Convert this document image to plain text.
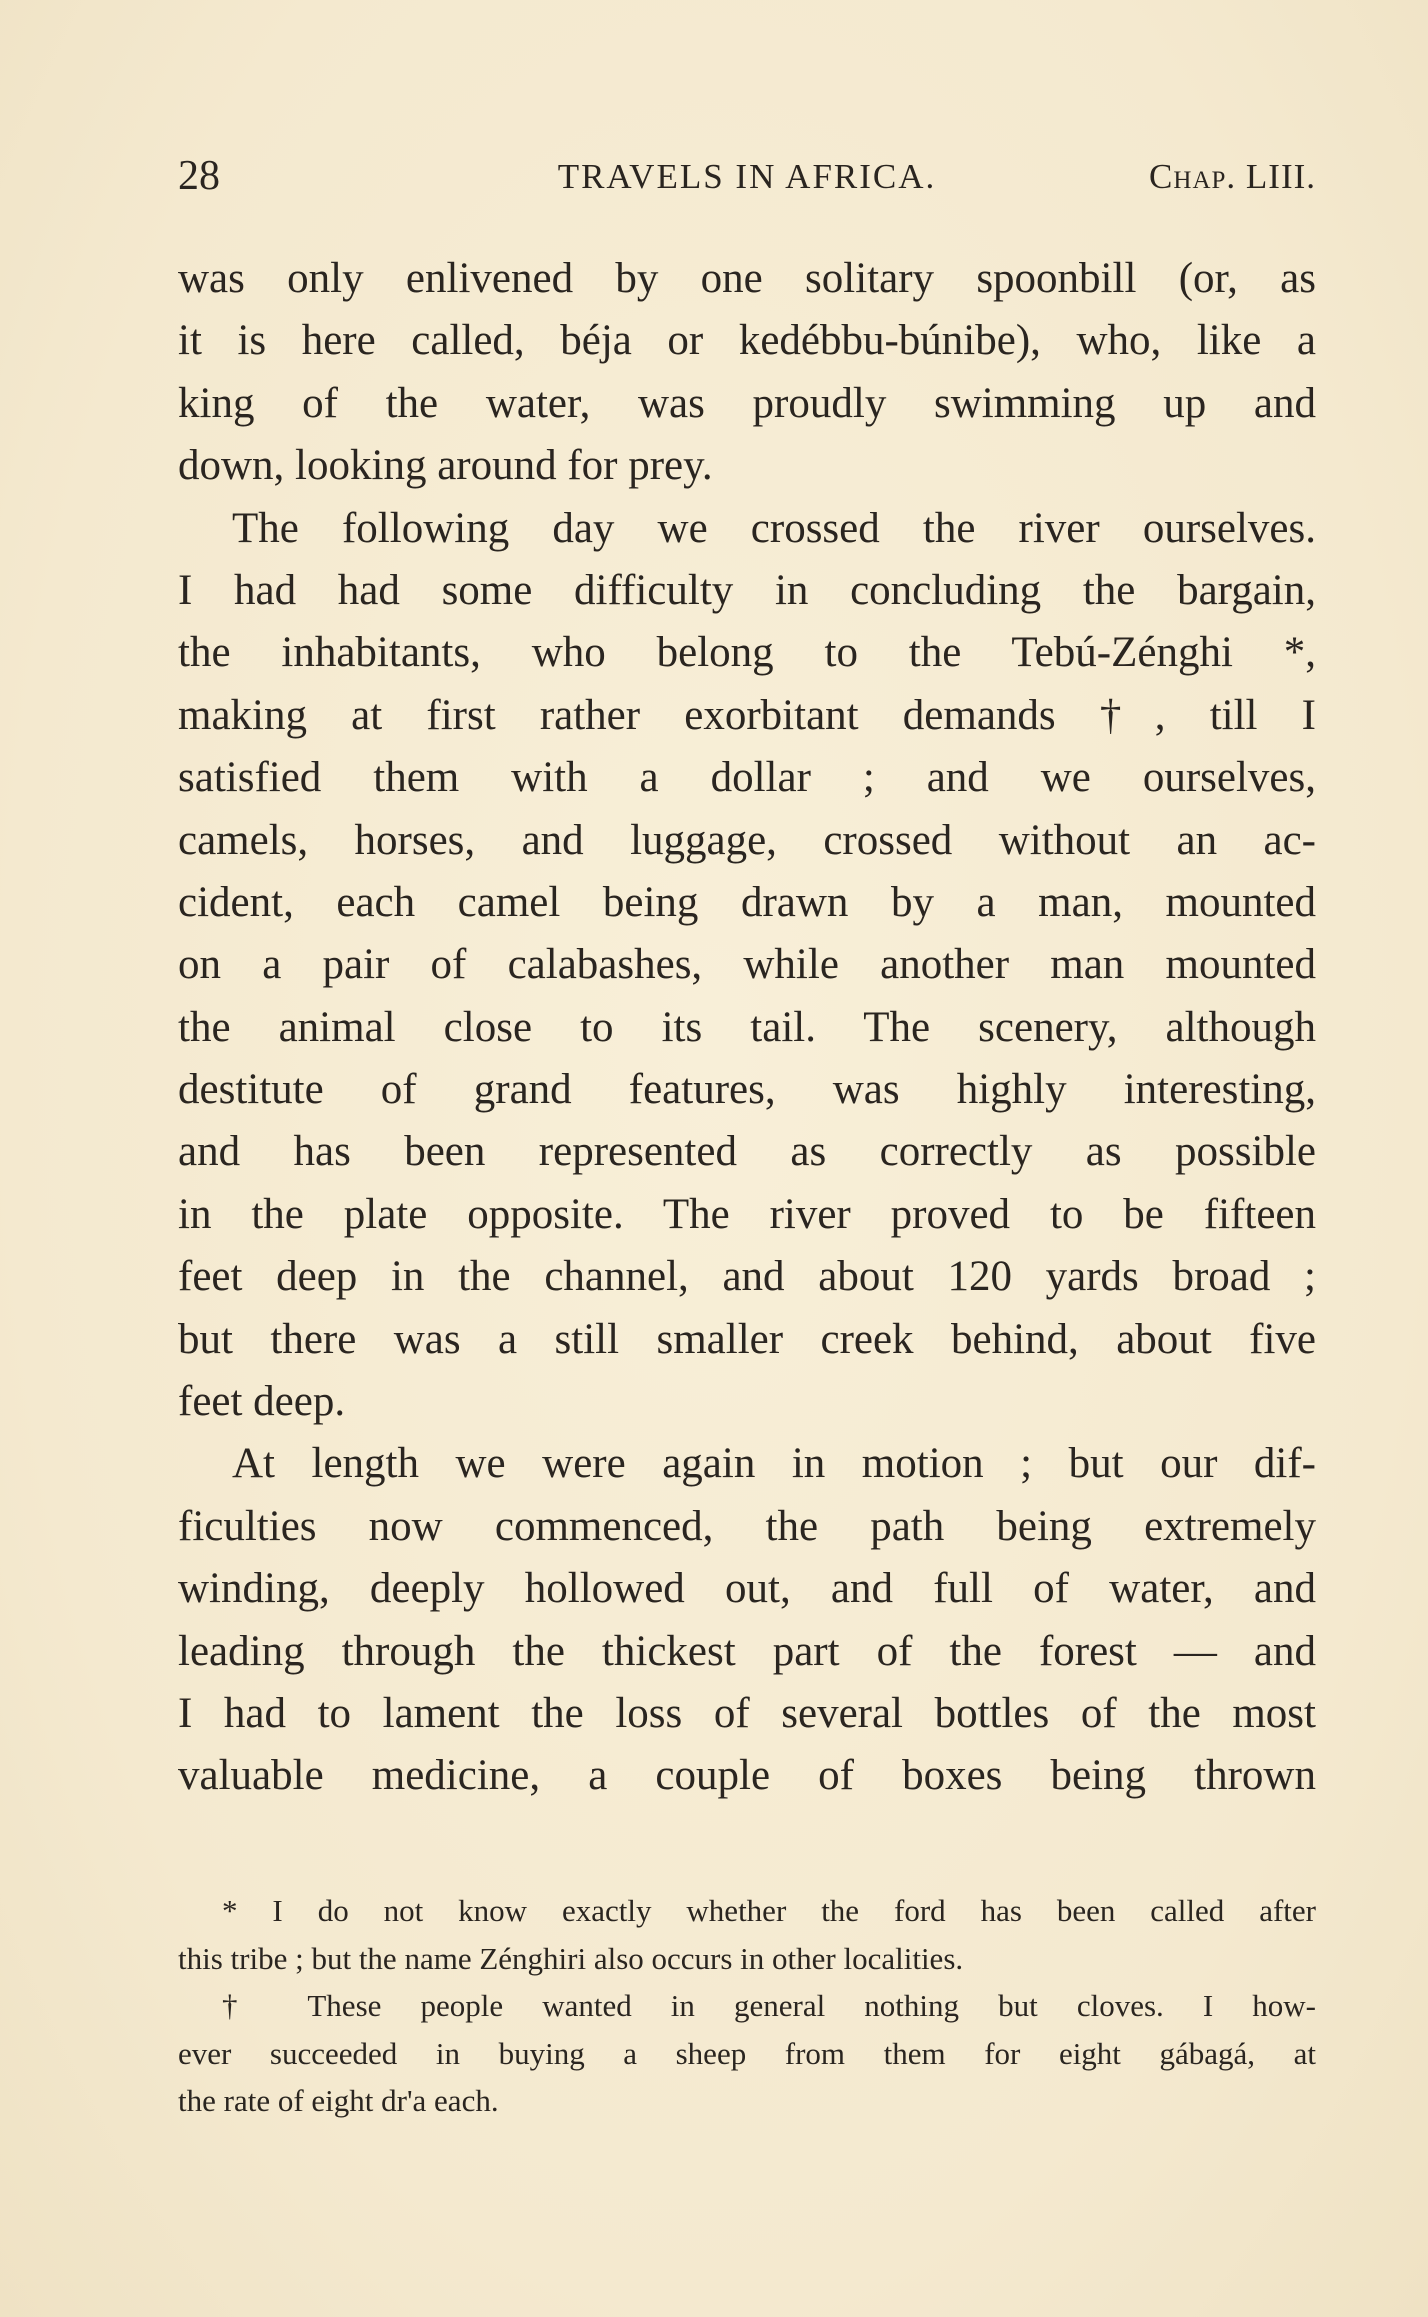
28	TRAVELS IN AFRICA.	Chap. LIII.
was only enlivened by one solitary spoonbill (or, as
it is here called, béja or kedébbu-búnibe), who, like a
king of the water, was proudly swimming up and
down, looking around for prey.
The following day we crossed the river ourselves.
I had had some difficulty in concluding the bargain,
the inhabitants, who belong to the Tebú-Zénghi *,
making at first rather exorbitant demands †, till I
satisfied them with a dollar ; and we ourselves,
camels, horses, and luggage, crossed without an ac-
cident, each camel being drawn by a man, mounted
on a pair of calabashes, while another man mounted
the animal close to its tail. The scenery, although
destitute of grand features, was highly interesting,
and has been represented as correctly as possible
in the plate opposite. The river proved to be fifteen
feet deep in the channel, and about 120 yards broad ;
but there was a still smaller creek behind, about five
feet deep.
At length we were again in motion ; but our dif-
ficulties now commenced, the path being extremely
winding, deeply hollowed out, and full of water, and
leading through the thickest part of the forest — and
I had to lament the loss of several bottles of the most
valuable medicine, a couple of boxes being thrown
* I do not know exactly whether the ford has been called after
this tribe ; but the name Zénghiri also occurs in other localities.
† These people wanted in general nothing but cloves. I how-
ever succeeded in buying a sheep from them for eight gábagá, at
the rate of eight dr'a each.
